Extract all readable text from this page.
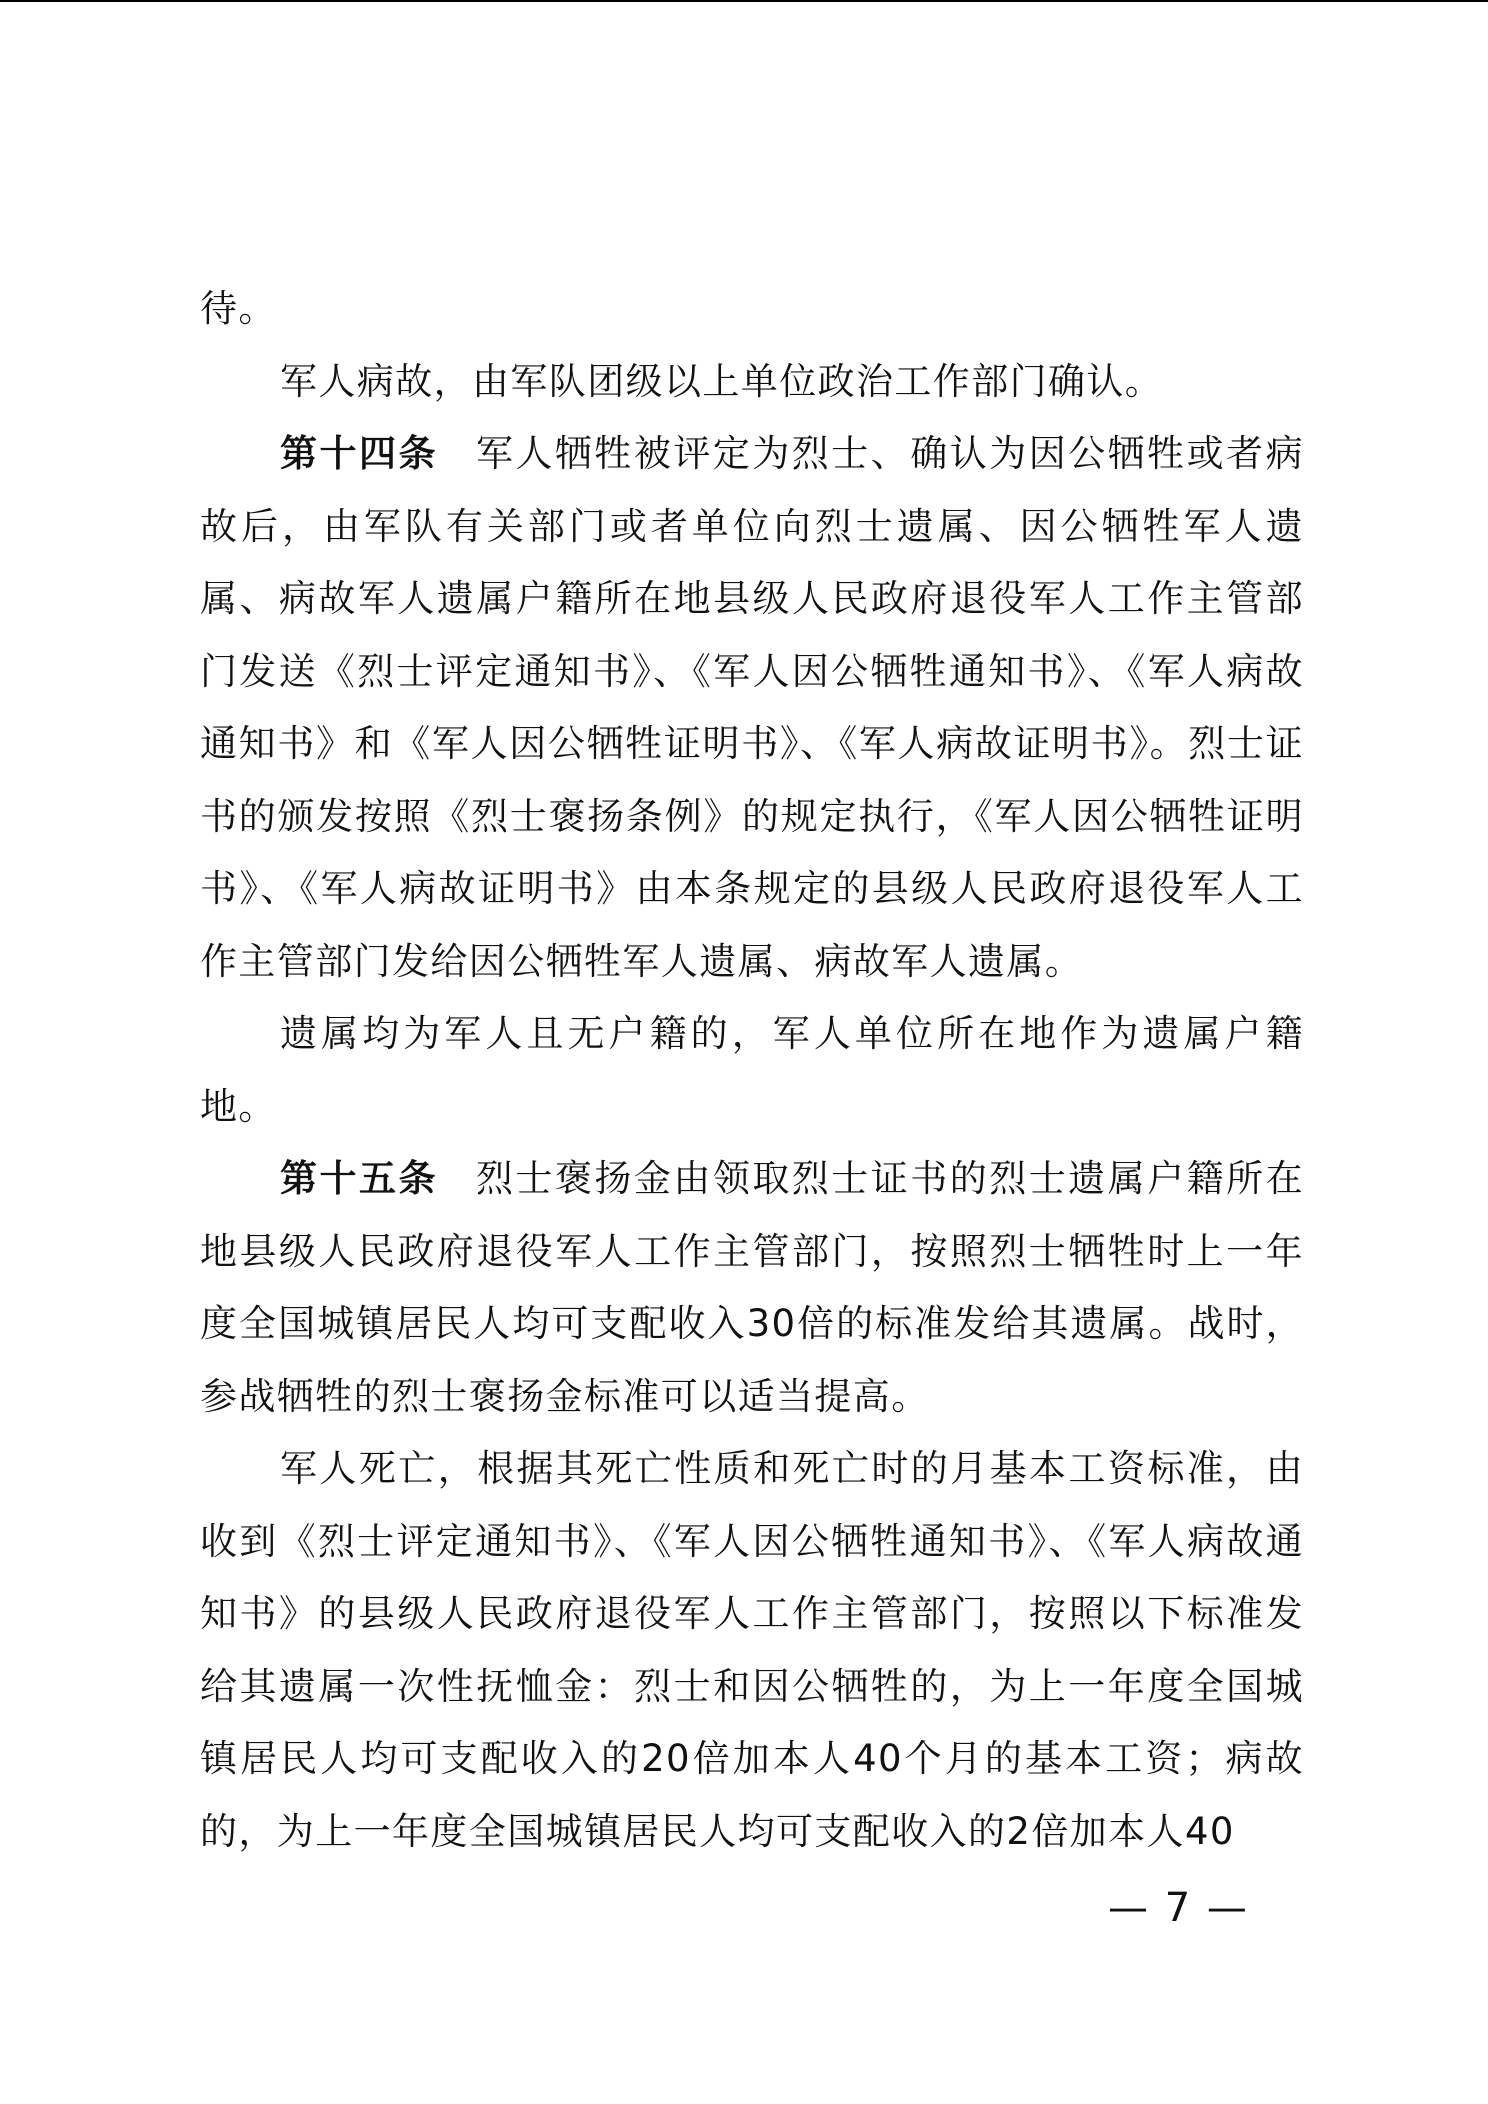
待。

军人病故，由军队团级以上单位政治工作部门确认。

第十四条 军人牺牲被评定为烈士、确认为因公牺牲或者病故后，由军队有关部门或者单位向烈士遗属、因公牺牲军人遗属、病故军人遗属户籍所在地县级人民政府退役军人工作主管部门发送《烈士评定通知书》、《军人因公牺牲通知书》、《军人病故通知书》和《军人因公牺牲证明书》、《军人病故证明书》。烈士证书的颁发按照《烈士褒扬条例》的规定执行，《军人因公牺牲证明书》、《军人病故证明书》由本条规定的县级人民政府退役军人工作主管部门发给因公牺牲军人遗属、病故军人遗属。

遗属均为军人且无户籍的，军人单位所在地作为遗属户籍地。

第十五条 烈士褒扬金由领取烈士证书的烈士遗属户籍所在地县级人民政府退役军人工作主管部门，按照烈士牺牲时上一年度全国城镇居民人均可支配收入30倍的标准发给其遗属。战时，参战牺牲的烈士褒扬金标准可以适当提高。

军人死亡，根据其死亡性质和死亡时的月基本工资标准，由收到《烈士评定通知书》、《军人因公牺牲通知书》、《军人病故通知书》的县级人民政府退役军人工作主管部门，按照以下标准发给其遗属一次性抚恤金：烈士和因公牺牲的，为上一年度全国城镇居民人均可支配收入的20倍加本人40个月的基本工资；病故的，为上一年度全国城镇居民人均可支配收入的2倍加本人40

— 7 —
